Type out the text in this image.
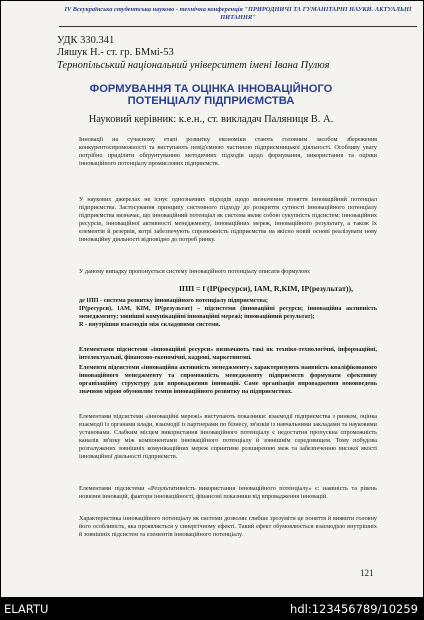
IV Всеукраїнська студентська науково - технічна конференція "ПРИРОДНИЧІ ТА ГУМАНІТАРНІ НАУКИ. АКТУАЛЬНІ ПИТАННЯ"
УДК 330.341
Ляшук Н.- ст. гр. БМмі-53
Тернопільський національний університет імені Івана Пулюя
ФОРМУВАННЯ ТА ОЦІНКА ІННОВАЦІЙНОГО ПОТЕНЦІАЛУ ПІДПРИЄМСТВА
Науковий керівник: к.е.н., ст. викладач Паляниця В. А.
Інновації на сучасному етапі розвитку економіки стають головним засобом збереження конкурентоспроможності та виступають невід'ємною частиною підприємницької діяльності. Особливу увагу потрібно приділяти обґрунтуванню методичних підходів щодо формування, використання та оцінки інноваційного потенціалу промислових підприємств.
У наукових джерелах не існує однозначних підходів щодо визначення поняття інноваційний потенціал підприємства. Застосування принципу системного підходу до розкриття сутності інноваційного потенціалу підприємства визначає, що інноваційний потенціал як система являє собою сукупність підсистем: інноваційних ресурсів, інноваційної активності менеджменту, інноваційних мереж, інноваційного результату, а також їх елементів й резервів, котрі забезпечують спроможність підприємства на якісно новій основі реалізувати нову інноваційну діяльності відповідно до потреб ринку.
У даному випадку пропонується систему інноваційного потенціалу описати формулою:
ІПП = f (ІР(ресурси), ІАМ, R,КІМ, ІР(результат)),
де ІПП - система розвитку інноваційного потенціалу підприємства;
ІР(ресурси), ІАМ, КІМ, ІР(результат) – підсистеми (інноваційні ресурси; інноваційна активність менеджменту; зовнішні комунікаційні інноваційні мережі; інноваційний результат);
R - внутрішня взаємодія між складовими системи.
Елементами підсистеми «інноваційні ресурси» визначають такі як техніко-технологічні, інформаційні, інтелектуальні, фінансово-економічні, кадрові, маркетингові.
Елементи підсистеми «інноваційна активність менеджменту» характеризують наявність кваліфікованого інноваційного менеджменту та спроможність менеджменту підприємств формувати ефективну організаційну структуру для впровадження інновацій. Саме організація впровадження нововведень значною мірою обумовлює темпи інноваційного розвитку на підприємствах.
Елементами підсистеми «інноваційні мережі» виступають показники: взаємодії підприємства з ринком, оцінка взаємодії із органами влади, взаємодії із партнерами по бізнесу, зв'язків із навчальними закладами та науковими установами. Слабким місцем використання інноваційного потенціалу є недостатня пропускна спроможність каналів зв'язку між компонентами інноваційного потенціалу й зовнішнім середовищем. Тому побудова розгалужених зовнішніх комунікаційних мереж сприятиме розширенню меж та забезпеченню високої якості інноваційної діяльності підприємств.
Елементами підсистеми «Результативність використання інноваційного потенціалу» є: наявність та рівень новизни інновацій, фактори інноваційності, фінансові показники від впровадження інновацій.
Характеристика інноваційного потенціалу як системи дозволяє глибше зрозуміти це поняття й виявити головну його особливість, яка проявляється у синергічному ефекті. Такий ефект обумовлюється взаємодією внутрішніх й зовнішніх підсистем та елементів інноваційного потенціалу.
121
ELARTU	hdl:123456789/10259
